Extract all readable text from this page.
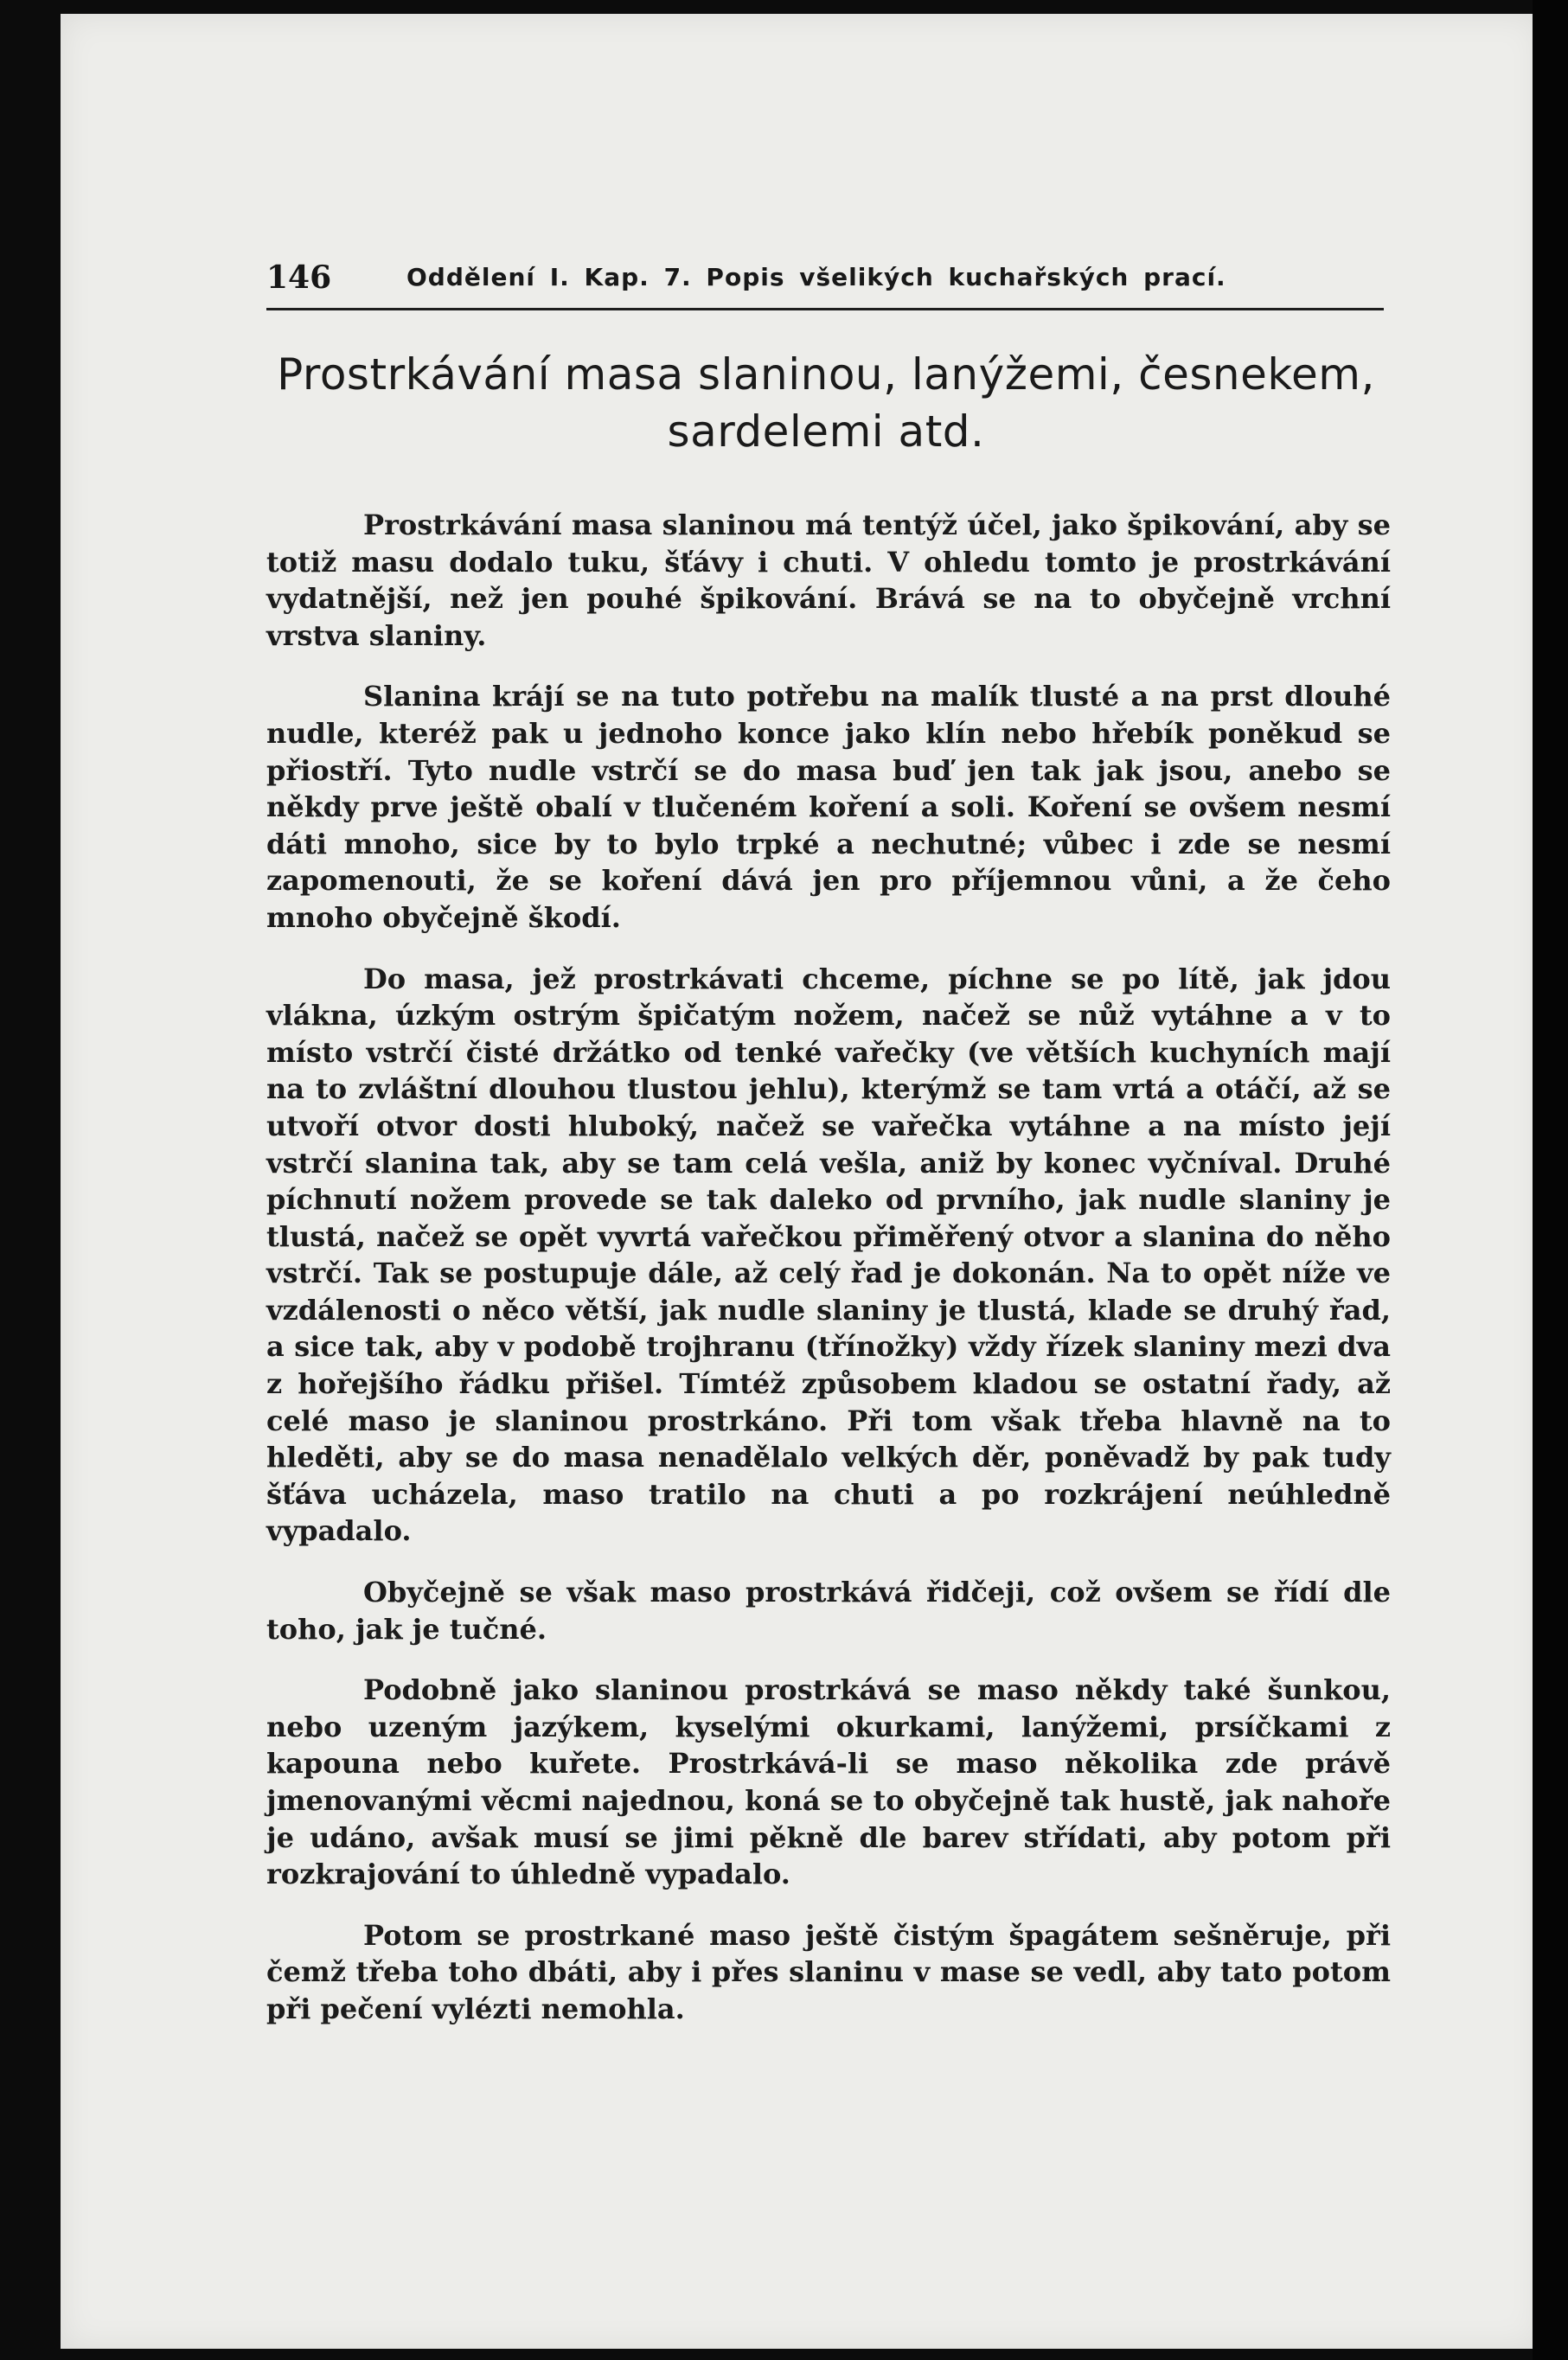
146	Oddělení I. Kap. 7. Popis všelikých kuchařských prací.
Prostrkávání masa slaninou, lanýžemi, česnekem,
sardelemi atd.

Prostrkávání masa slaninou má tentýž účel, jako špikování, aby se totiž masu dodalo tuku, šťávy i chuti. V ohledu tomto je prostrkávání vydatnější, než jen pouhé špikování. Brává se na to obyčejně vrchní vrstva slaniny.

Slanina krájí se na tuto potřebu na malík tlusté a na prst dlouhé nudle, kteréž pak u jednoho konce jako klín nebo hřebík poněkud se přiostří. Tyto nudle vstrčí se do masa buď jen tak jak jsou, anebo se někdy prve ještě obalí v tlučeném koření a soli. Koření se ovšem nesmí dáti mnoho, sice by to bylo trpké a nechutné; vůbec i zde se nesmí zapomenouti, že se koření dává jen pro příjemnou vůni, a že čeho mnoho obyčejně škodí.

Do masa, jež prostrkávati chceme, píchne se po lítě, jak jdou vlákna, úzkým ostrým špičatým nožem, načež se nůž vytáhne a v to místo vstrčí čisté držátko od tenké vařečky (ve větších kuchyních mají na to zvláštní dlouhou tlustou jehlu), kterýmž se tam vrtá a otáčí, až se utvoří otvor dosti hluboký, načež se vařečka vytáhne a na místo její vstrčí slanina tak, aby se tam celá vešla, aniž by konec vyčníval. Druhé píchnutí nožem provede se tak daleko od prvního, jak nudle slaniny je tlustá, načež se opět vyvrtá vařečkou přiměřený otvor a slanina do něho vstrčí. Tak se postupuje dále, až celý řad je dokonán. Na to opět níže ve vzdálenosti o něco větší, jak nudle slaniny je tlustá, klade se druhý řad, a sice tak, aby v podobě trojhranu (třínožky) vždy řízek slaniny mezi dva z hořejšího řádku přišel. Tímtéž způsobem kladou se ostatní řady, až celé maso je slaninou prostrkáno. Při tom však třeba hlavně na to hleděti, aby se do masa nenadělalo velkých děr, poněvadž by pak tudy šťáva ucházela, maso tratilo na chuti a po rozkrájení neúhledně vypadalo.

Obyčejně se však maso prostrkává řidčeji, což ovšem se řídí dle toho, jak je tučné.

Podobně jako slaninou prostrkává se maso někdy také šunkou, nebo uzeným jazýkem, kyselými okurkami, lanýžemi, prsíčkami z kapouna nebo kuřete. Prostrkává-li se maso několika zde právě jmenovanými věcmi najednou, koná se to obyčejně tak hustě, jak nahoře je udáno, avšak musí se jimi pěkně dle barev střídati, aby potom při rozkrajování to úhledně vypadalo.

Potom se prostrkané maso ještě čistým špagátem sešněruje, při čemž třeba toho dbáti, aby i přes slaninu v mase se vedl, aby tato potom při pečení vylézti nemohla.
